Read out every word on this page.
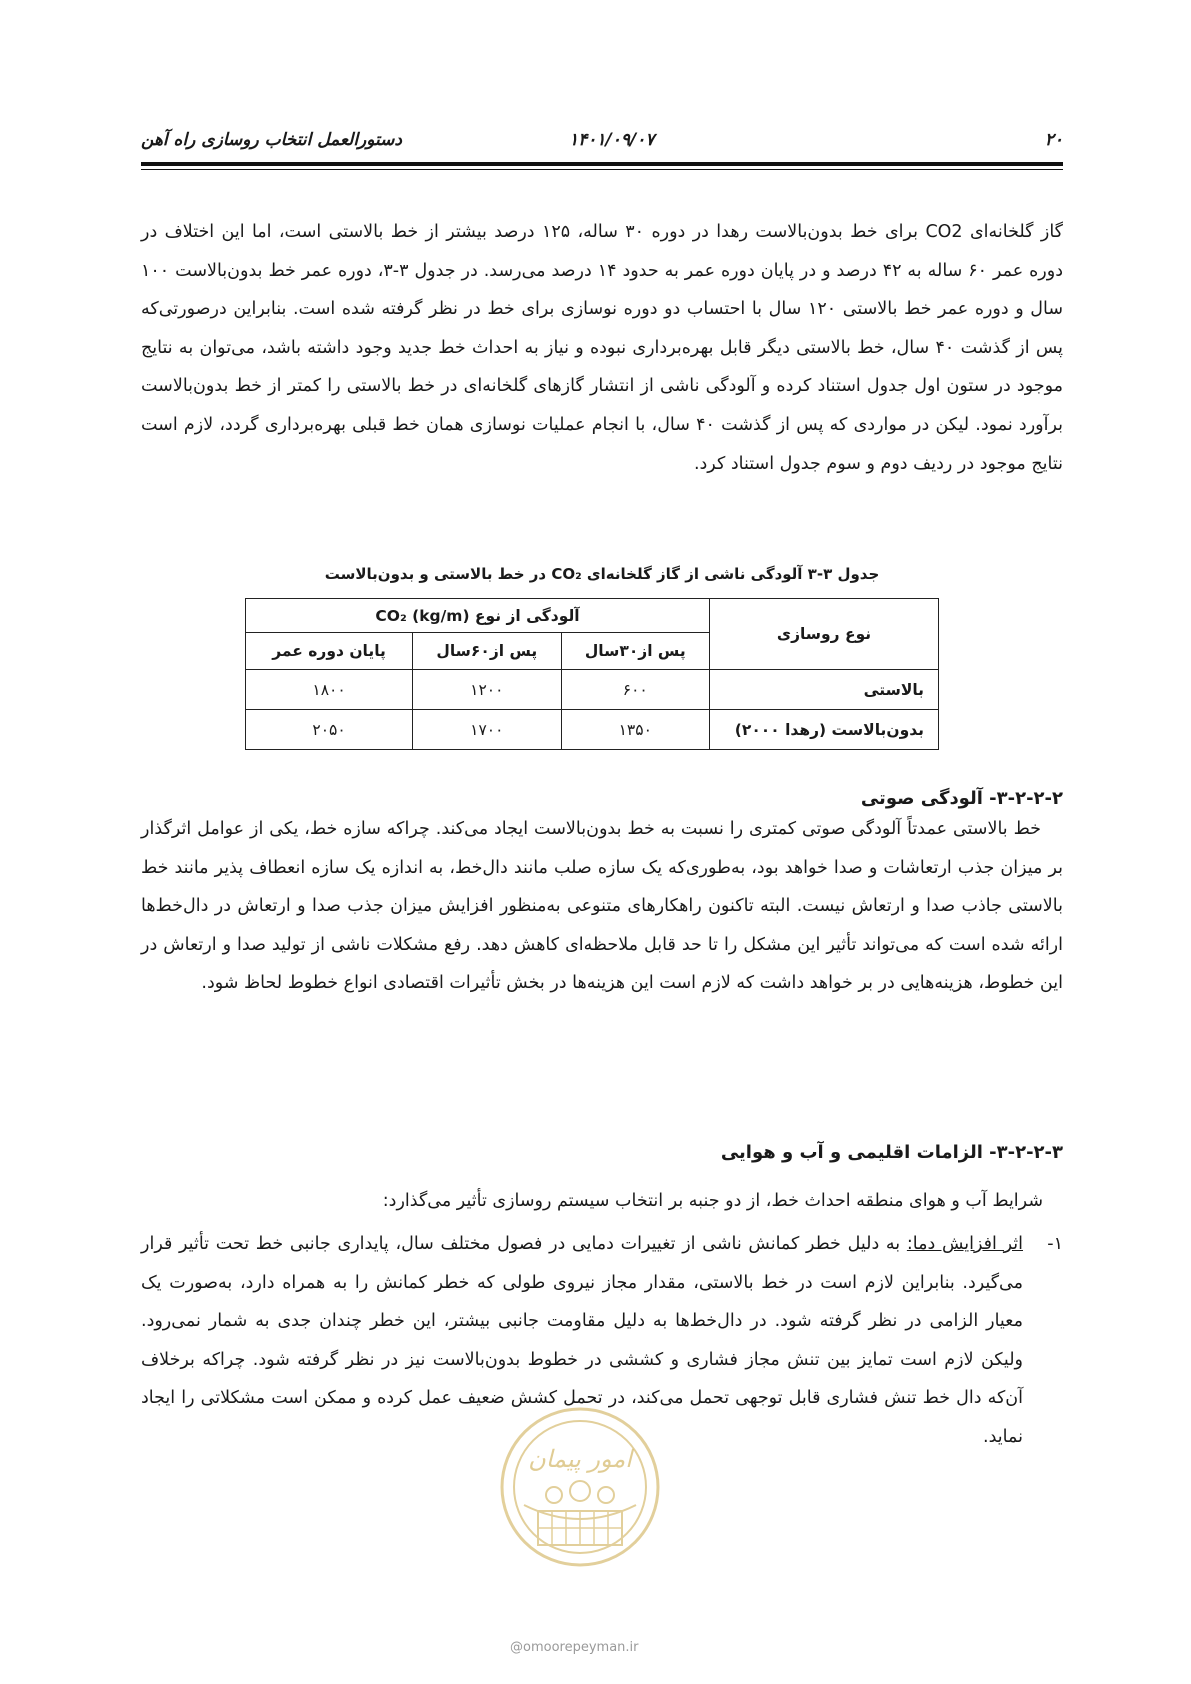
۲۰
۱۴۰۱/۰۹/۰۷
دستورالعمل انتخاب روسازی راه آهن

گاز گلخانه‌ای CO2 برای خط بدون‌بالاست رهدا در دوره ۳۰ ساله، ۱۲۵ درصد بیشتر از خط بالاستی است، اما این اختلاف در دوره عمر ۶۰ ساله به ۴۲ درصد و در پایان دوره عمر به حدود ۱۴ درصد می‌رسد. در جدول ۳-۳، دوره عمر خط بدون‌بالاست ۱۰۰ سال و دوره عمر خط بالاستی ۱۲۰ سال با احتساب دو دوره نوسازی برای خط در نظر گرفته شده است. بنابراین درصورتی‌که پس از گذشت ۴۰ سال، خط بالاستی دیگر قابل بهره‌برداری نبوده و نیاز به احداث خط جدید وجود داشته باشد، می‌توان به نتایج موجود در ستون اول جدول استناد کرده و آلودگی ناشی از انتشار گازهای گلخانه‌ای در خط بالاستی را کمتر از خط بدون‌بالاست برآورد نمود. لیکن در مواردی که پس از گذشت ۴۰ سال، با انجام عملیات نوسازی همان خط قبلی بهره‌برداری گردد، لازم است نتایج موجود در ردیف دوم و سوم جدول استناد کرد.

جدول ۳-۳ آلودگی ناشی از گاز گلخانه‌ای CO₂ در خط بالاستی و بدون‌بالاست
نوع روسازی	آلودگی از نوع CO₂ (kg/m)		
	پس از۳۰سال	پس از۶۰سال	پایان دوره عمر
بالاستی	۶۰۰	۱۲۰۰	۱۸۰۰
بدون‌بالاست (رهدا ۲۰۰۰)	۱۳۵۰	۱۷۰۰	۲۰۵۰
۳-۲-۲-۲- آلودگی صوتی

خط بالاستی عمدتاً آلودگی صوتی کمتری را نسبت به خط بدون‌بالاست ایجاد می‌کند. چراکه سازه خط، یکی از عوامل اثرگذار بر میزان جذب ارتعاشات و صدا خواهد بود، به‌طوری‌که یک سازه صلب مانند دال‌خط، به اندازه یک سازه انعطاف پذیر مانند خط بالاستی جاذب صدا و ارتعاش نیست. البته تاکنون راهکارهای متنوعی به‌منظور افزایش میزان جذب صدا و ارتعاش در دال‌خط‌ها ارائه شده است که می‌تواند تأثیر این مشکل را تا حد قابل ملاحظه‌ای کاهش دهد. رفع مشکلات ناشی از تولید صدا و ارتعاش در این خطوط، هزینه‌هایی در بر خواهد داشت که لازم است این هزینه‌ها در بخش تأثیرات اقتصادی انواع خطوط لحاظ شود.

۳-۲-۲-۳- الزامات اقلیمی و آب و هوایی

شرایط آب و هوای منطقه احداث خط، از دو جنبه بر انتخاب سیستم روسازی تأثیر می‌گذارد:

۱-
اثر افزایش دما: به دلیل خطر کمانش ناشی از تغییرات دمایی در فصول مختلف سال، پایداری جانبی خط تحت تأثیر قرار می‌گیرد. بنابراین لازم است در خط بالاستی، مقدار مجاز نیروی طولی که خطر کمانش را به همراه دارد، به‌صورت یک معیار الزامی در نظر گرفته شود. در دال‌خط‌ها به دلیل مقاومت جانبی بیشتر، این خطر چندان جدی به شمار نمی‌رود. ولیکن لازم است تمایز بین تنش مجاز فشاری و کششی در خطوط بدون‌بالاست نیز در نظر گرفته شود. چراکه برخلاف آن‌که دال خط تنش فشاری قابل توجهی تحمل می‌کند، در تحمل کشش ضعیف عمل کرده و ممکن است مشکلاتی را ایجاد نماید.
امور پیمان
@omoorepeyman.ir
